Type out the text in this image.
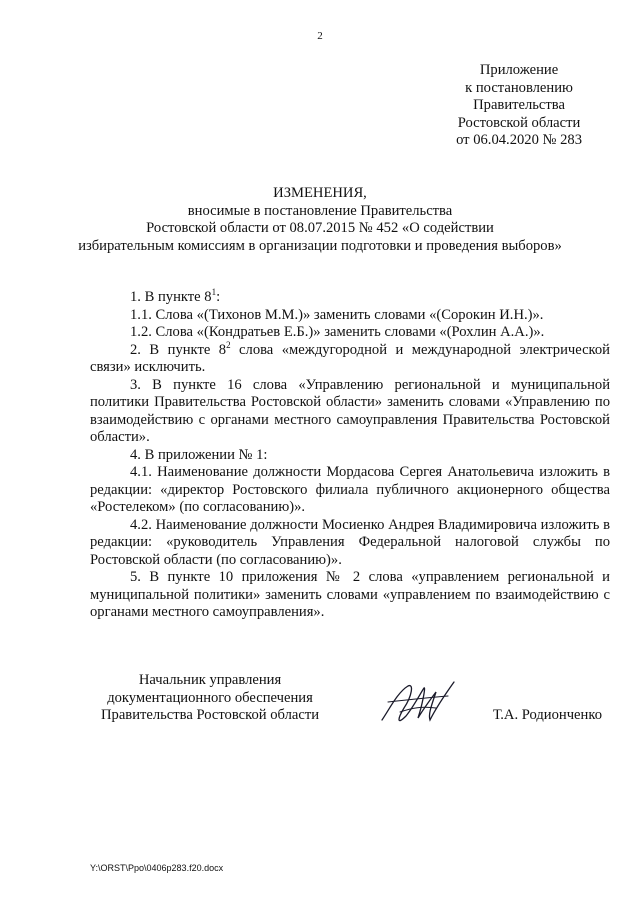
2
Приложение
к постановлению
Правительства
Ростовской области
от 06.04.2020 № 283
ИЗМЕНЕНИЯ,
вносимые в постановление Правительства
Ростовской области от 08.07.2015 № 452 «О содействии
избирательным комиссиям в организации подготовки и проведения выборов»
1. В пункте $8^1$:
1.1. Слова «(Тихонов М.М.)» заменить словами «(Сорокин И.Н.)».
1.2. Слова «(Кондратьев Е.Б.)» заменить словами «(Рохлин А.А.)».
2. В пункте $8^2$ слова «междугородной и международной электрической связи» исключить.
3. В пункте 16 слова «Управлению региональной и муниципальной политики Правительства Ростовской области» заменить словами «Управлению по взаимодействию с органами местного самоуправления Правительства Ростовской области».
4. В приложении № 1:
4.1. Наименование должности Мордасова Сергея Анатольевича изложить в редакции: «директор Ростовского филиала публичного акционерного общества «Ростелеком» (по согласованию)».
4.2. Наименование должности Мосиенко Андрея Владимировича изложить в редакции: «руководитель Управления Федеральной налоговой службы по Ростовской области (по согласованию)».
5. В пункте 10 приложения № 2 слова «управлением региональной и муниципальной политики» заменить словами «управлением по взаимодействию с органами местного самоуправления».
Начальник управления
документационного обеспечения
Правительства Ростовской области	Т.А. Родионченко
Y:\ORST\Ppo\0406p283.f20.docx
